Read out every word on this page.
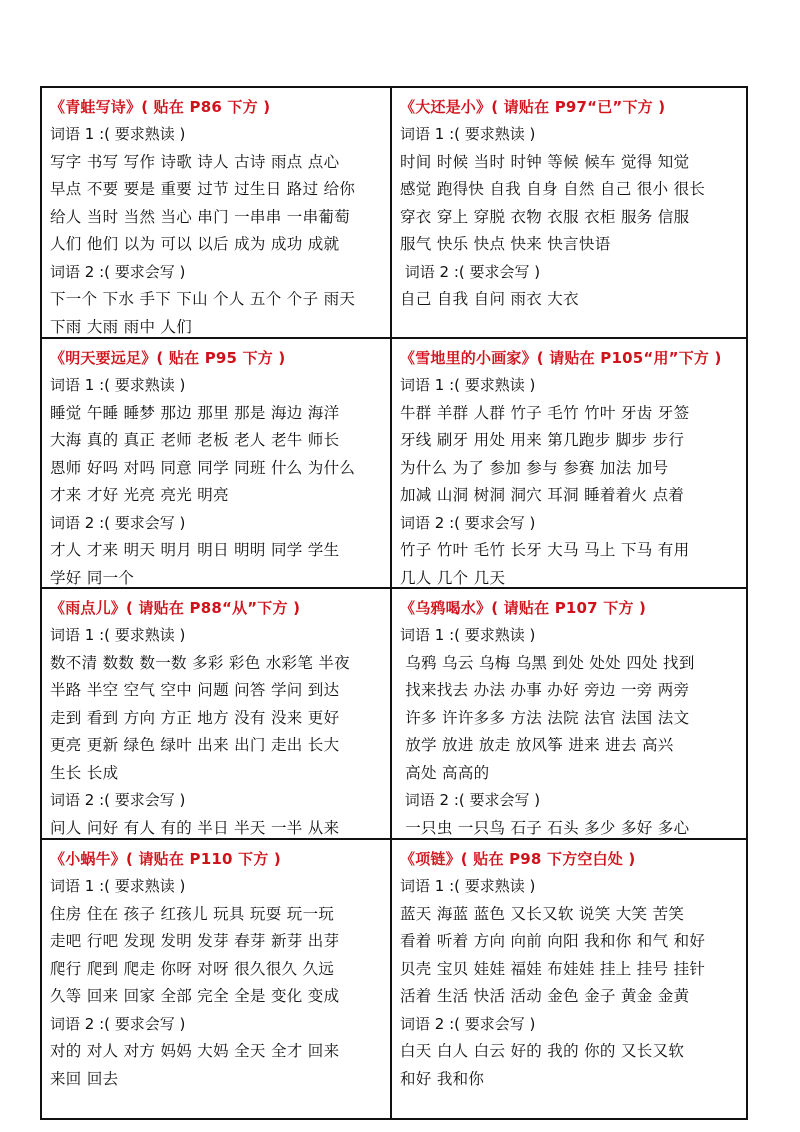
《青蛙写诗》( 贴在 P86 下方 )
词语 1 :( 要求熟读 )
写字 书写 写作 诗歌 诗人 古诗 雨点 点心
早点 不要 要是 重要 过节 过生日 路过 给你
给人 当时 当然 当心 串门 一串串 一串葡萄
人们 他们 以为 可以 以后 成为 成功 成就
词语 2 :( 要求会写 )
下一个 下水 手下 下山 个人 五个 个子 雨天
下雨 大雨 雨中 人们
《大还是小》( 请贴在 P97“已”下方 )
词语 1 :( 要求熟读 )
时间 时候 当时 时钟 等候 候车 觉得 知觉
感觉 跑得快 自我 自身 自然 自己 很小 很长
穿衣 穿上 穿脱 衣物 衣服 衣柜 服务 信服
服气 快乐 快点 快来 快言快语
词语 2 :( 要求会写 )
自己 自我 自问 雨衣 大衣
《明天要远足》( 贴在 P95 下方 )
词语 1 :( 要求熟读 )
睡觉 午睡 睡梦 那边 那里 那是 海边 海洋
大海 真的 真正 老师 老板 老人 老牛 师长
恩师 好吗 对吗 同意 同学 同班 什么 为什么
才来 才好 光亮 亮光 明亮
词语 2 :( 要求会写 )
才人 才来 明天 明月 明日 明明 同学 学生
学好 同一个
《雪地里的小画家》( 请贴在 P105“用”下方 )
词语 1 :( 要求熟读 )
牛群 羊群 人群 竹子 毛竹 竹叶 牙齿 牙签
牙线 刷牙 用处 用来 第几跑步 脚步 步行
为什么 为了 参加 参与 参赛 加法 加号
加减 山洞 树洞 洞穴 耳洞 睡着着火 点着
词语 2 :( 要求会写 )
竹子 竹叶 毛竹 长牙 大马 马上 下马 有用
几人 几个 几天
《雨点儿》( 请贴在 P88“从”下方 )
词语 1 :( 要求熟读 )
数不清 数数 数一数 多彩 彩色 水彩笔 半夜
半路 半空 空气 空中 问题 问答 学问 到达
走到 看到 方向 方正 地方 没有 没来 更好
更亮 更新 绿色 绿叶 出来 出门 走出 长大
生长 长成
词语 2 :( 要求会写 )
问人 问好 有人 有的 半日 半天 一半 从来
《乌鸦喝水》( 请贴在 P107 下方 )
词语 1 :( 要求熟读 )
乌鸦 乌云 乌梅 乌黑 到处 处处 四处 找到
找来找去 办法 办事 办好 旁边 一旁 两旁
许多 许许多多 方法 法院 法官 法国 法文
放学 放进 放走 放风筝 进来 进去 高兴
高处 高高的
词语 2 :( 要求会写 )
一只虫 一只鸟 石子 石头 多少 多好 多心
《小蜗牛》( 请贴在 P110 下方 )
词语 1 :( 要求熟读 )
住房 住在 孩子 红孩儿 玩具 玩耍 玩一玩
走吧 行吧 发现 发明 发芽 春芽 新芽 出芽
爬行 爬到 爬走 你呀 对呀 很久很久 久远
久等 回来 回家 全部 完全 全是 变化 变成
词语 2 :( 要求会写 )
对的 对人 对方 妈妈 大妈 全天 全才 回来
来回 回去
《项链》( 贴在 P98 下方空白处 )
词语 1 :( 要求熟读 )
蓝天 海蓝 蓝色 又长又软 说笑 大笑 苦笑
看着 听着 方向 向前 向阳 我和你 和气 和好
贝壳 宝贝 娃娃 福娃 布娃娃 挂上 挂号 挂针
活着 生活 快活 活动 金色 金子 黄金 金黄
词语 2 :( 要求会写 )
白天 白人 白云 好的 我的 你的 又长又软
和好 我和你
